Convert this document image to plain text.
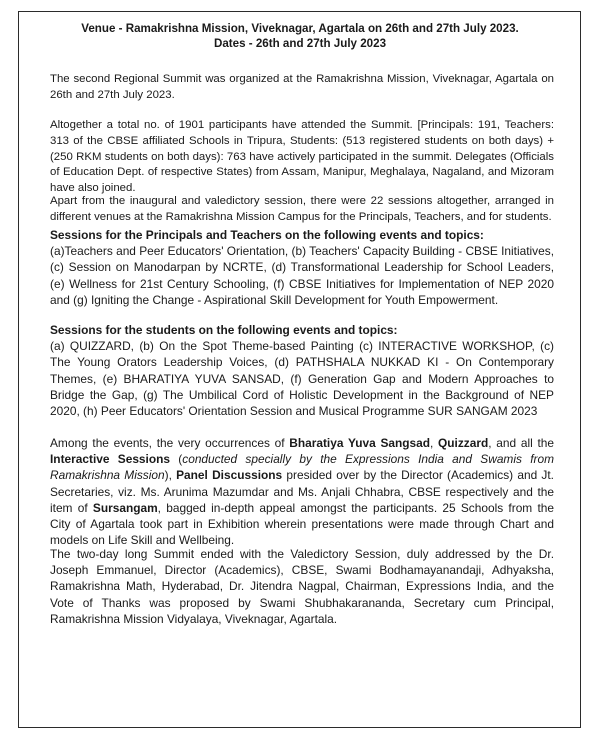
Venue - Ramakrishna Mission, Viveknagar, Agartala on 26th and 27th July 2023.
Dates - 26th and 27th July 2023

The second Regional Summit was organized at the Ramakrishna Mission, Viveknagar, Agartala on 26th and 27th July 2023.

Altogether a total no. of 1901 participants have attended the Summit. [Principals: 191, Teachers: 313 of the CBSE affiliated Schools in Tripura, Students: (513 registered students on both days) +(250 RKM students on both days): 763 have actively participated in the summit. Delegates (Officials of Education Dept. of respective States) from Assam, Manipur, Meghalaya, Nagaland, and Mizoram have also joined.

Apart from the inaugural and valedictory session, there were 22 sessions altogether, arranged in different venues at the Ramakrishna Mission Campus for the Principals, Teachers, and for students.

Sessions for the Principals and Teachers on the following events and topics:
(a)Teachers and Peer Educators' Orientation, (b) Teachers' Capacity Building - CBSE Initiatives, (c) Session on Manodarpan by NCRTE, (d) Transformational Leadership for School Leaders, (e) Wellness for 21st Century Schooling, (f) CBSE Initiatives for Implementation of NEP 2020 and (g) Igniting the Change - Aspirational Skill Development for Youth Empowerment.

Sessions for the students on the following events and topics:
(a) QUIZZARD, (b) On the Spot Theme-based Painting (c) INTERACTIVE WORKSHOP, (c) The Young Orators Leadership Voices, (d) PATHSHALA NUKKAD KI - On Contemporary Themes, (e) BHARATIYA YUVA SANSAD, (f) Generation Gap and Modern Approaches to Bridge the Gap, (g) The Umbilical Cord of Holistic Development in the Background of NEP 2020, (h) Peer Educators' Orientation Session and Musical Programme SUR SANGAM 2023

Among the events, the very occurrences of Bharatiya Yuva Sangsad, Quizzard, and all the Interactive Sessions (conducted specially by the Expressions India and Swamis from Ramakrishna Mission), Panel Discussions presided over by the Director (Academics) and Jt. Secretaries, viz. Ms. Arunima Mazumdar and Ms. Anjali Chhabra, CBSE respectively and the item of Sursangam, bagged in-depth appeal amongst the participants. 25 Schools from the City of Agartala took part in Exhibition wherein presentations were made through Chart and models on Life Skill and Wellbeing.

The two-day long Summit ended with the Valedictory Session, duly addressed by the Dr. Joseph Emmanuel, Director (Academics), CBSE, Swami Bodhamayanandaji, Adhyaksha, Ramakrishna Math, Hyderabad, Dr. Jitendra Nagpal, Chairman, Expressions India, and the Vote of Thanks was proposed by Swami Shubhakarananda, Secretary cum Principal, Ramakrishna Mission Vidyalaya, Viveknagar, Agartala.
